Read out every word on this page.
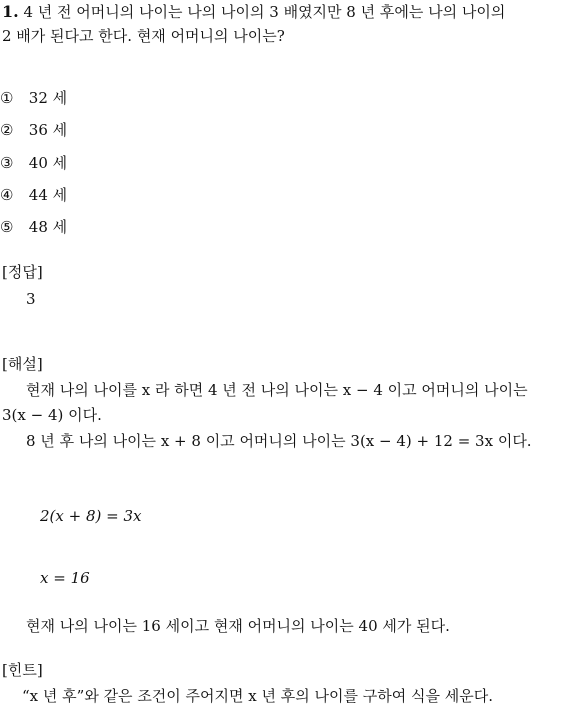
1. 4 년 전 어머니의 나이는 나의 나이의 3 배였지만 8 년 후에는 나의 나이의
2 배가 된다고 한다. 현재 어머니의 나이는?
① 32 세
② 36 세
③ 40 세
④ 44 세
⑤ 48 세
[정답]
3
[해설]
현재 나의 나이를 x 라 하면 4 년 전 나의 나이는 x − 4 이고 어머니의 나이는
3(x − 4) 이다.
8 년 후 나의 나이는 x + 8 이고 어머니의 나이는 3(x − 4) + 12 = 3x 이다.
2(x + 8) = 3x
x = 16
현재 나의 나이는 16 세이고 현재 어머니의 나이는 40 세가 된다.
[힌트]
“x 년 후”와 같은 조건이 주어지면 x 년 후의 나이를 구하여 식을 세운다.
